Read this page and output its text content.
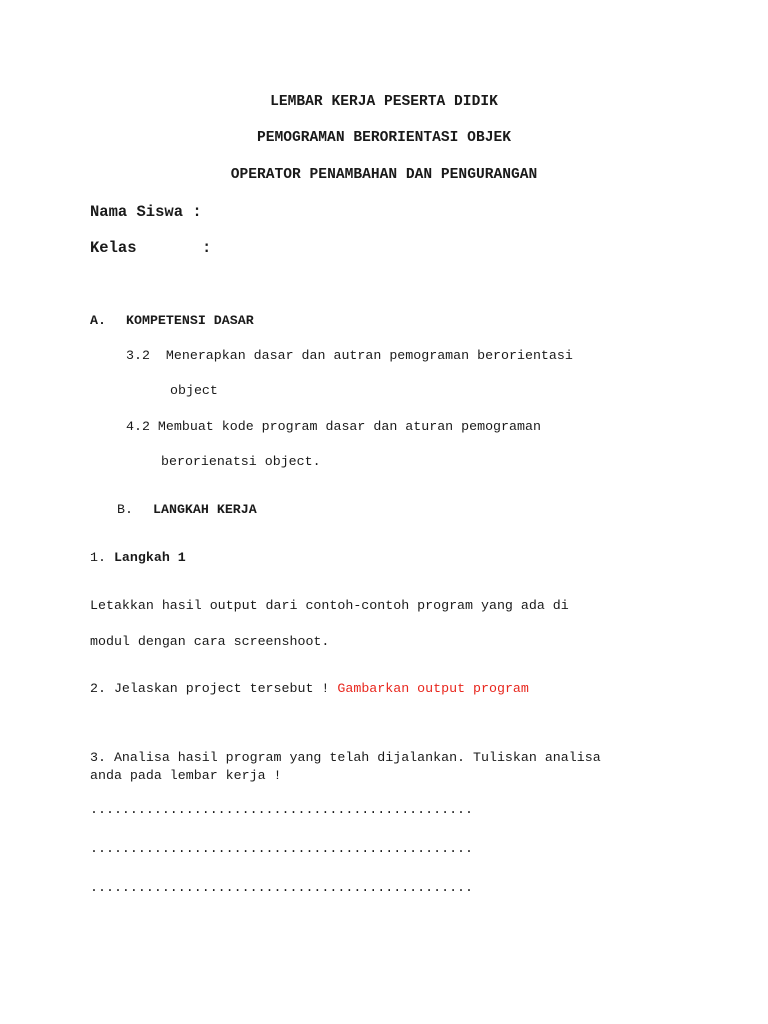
LEMBAR KERJA PESERTA DIDIK
PEMOGRAMAN BERORIENTASI OBJEK
OPERATOR PENAMBAHAN DAN PENGURANGAN
Nama Siswa :
Kelas	:
A. KOMPETENSI DASAR
3.2  Menerapkan dasar dan autran pemograman berorientasi
object
4.2 Membuat kode program dasar dan aturan pemograman
berorienatsi object.
B. LANGKAH KERJA
1. Langkah 1
Letakkan hasil output dari contoh-contoh program yang ada di
modul dengan cara screenshoot.
2. Jelaskan project tersebut ! Gambarkan output program
3. Analisa hasil program yang telah dijalankan. Tuliskan analisa
anda pada lembar kerja !
................................................
................................................
................................................
